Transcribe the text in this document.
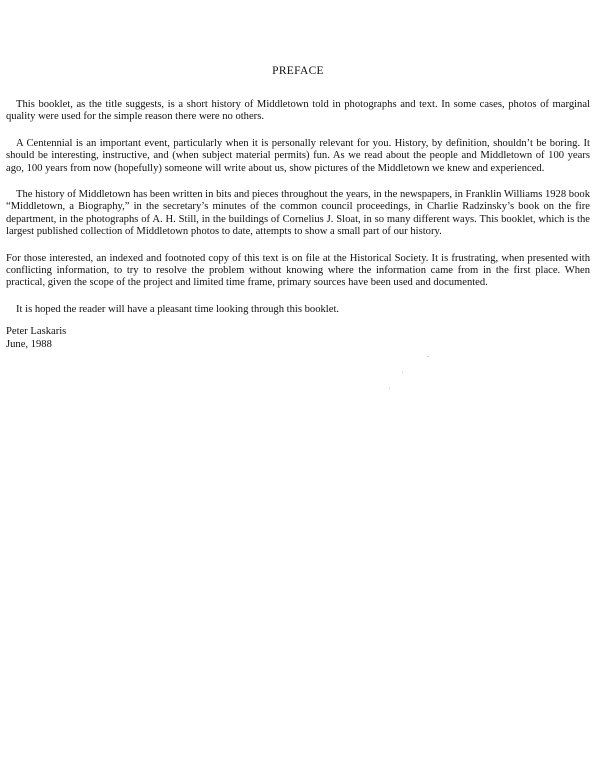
PREFACE

This booklet, as the title suggests, is a short history of Middletown told in photographs and text. In some cases, photos of marginal quality were used for the simple reason there were no others.

A Centennial is an important event, particularly when it is personally relevant for you. History, by definition, shouldn’t be boring. It should be interesting, instructive, and (when subject material permits) fun. As we read about the people and Middletown of 100 years ago, 100 years from now (hopefully) someone will write about us, show pictures of the Middletown we knew and experienced.

The history of Middletown has been written in bits and pieces throughout the years, in the newspapers, in Franklin Williams 1928 book “Middletown, a Biography,” in the secretary’s minutes of the common council proceedings, in Charlie Radzinsky’s book on the fire department, in the photographs of A. H. Still, in the buildings of Cornelius J. Sloat, in so many different ways. This booklet, which is the largest published collection of Middletown photos to date, attempts to show a small part of our history.

For those interested, an indexed and footnoted copy of this text is on file at the Historical Society. It is frustrating, when presented with conflicting information, to try to resolve the problem without knowing where the information came from in the first place. When practical, given the scope of the project and limited time frame, primary sources have been used and documented.

It is hoped the reader will have a pleasant time looking through this booklet.

Peter Laskaris

June, 1988
